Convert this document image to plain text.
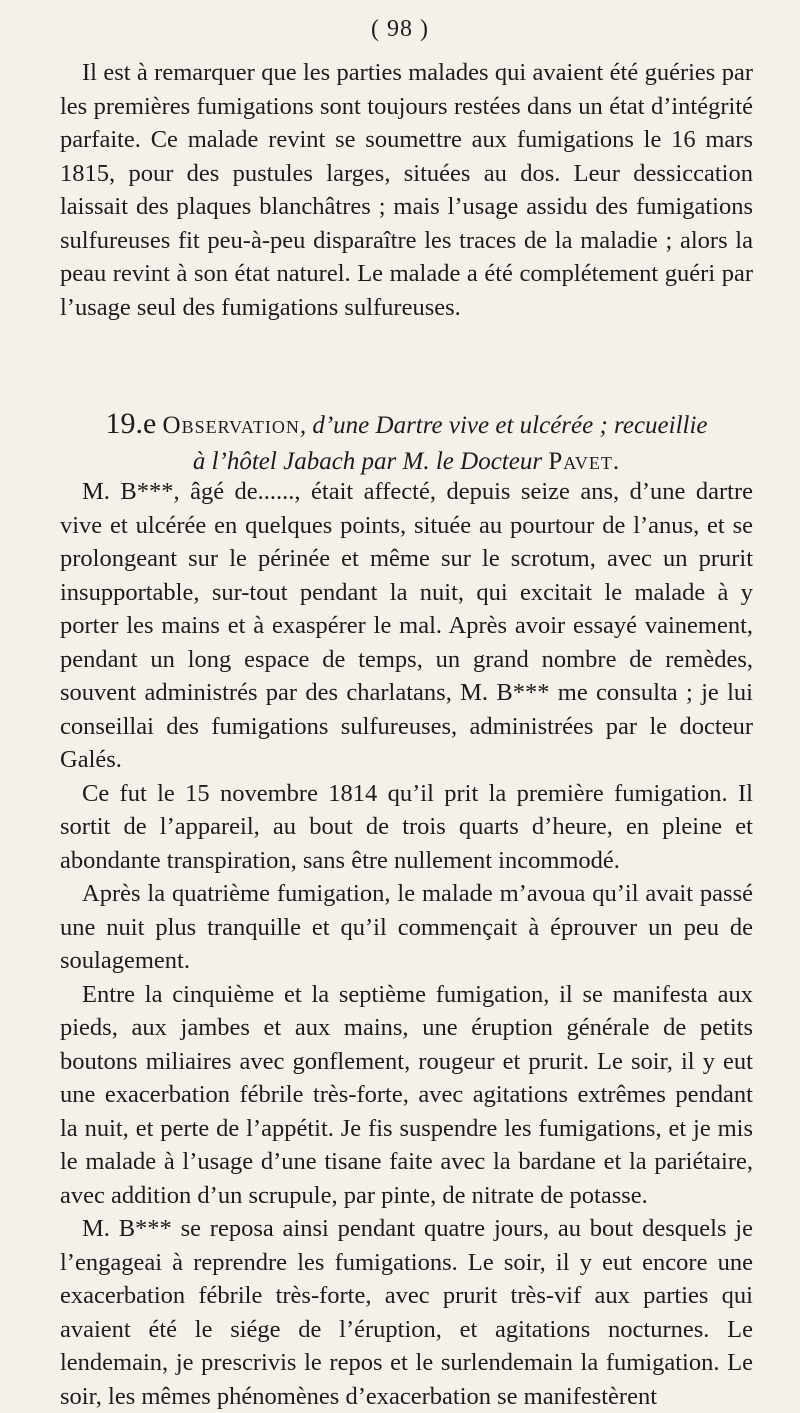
( 98 )

Il est à remarquer que les parties malades qui avaient été guéries par les premières fumigations sont toujours restées dans un état d’intégrité parfaite. Ce malade revint se soumettre aux fumigations le 16 mars 1815, pour des pustules larges, situées au dos. Leur dessiccation laissait des plaques blanchâtres ; mais l’usage assidu des fumigations sulfureuses fit peu-à-peu disparaître les traces de la maladie ; alors la peau revint à son état naturel. Le malade a été complétement guéri par l’usage seul des fumigations sulfureuses.

19.e Observation, d’une Dartre vive et ulcérée ; recueillie
à l’hôtel Jabach par M. le Docteur Pavet.

M. B***, âgé de......, était affecté, depuis seize ans, d’une dartre vive et ulcérée en quelques points, située au pourtour de l’anus, et se prolongeant sur le périnée et même sur le scrotum, avec un prurit insupportable, sur-tout pendant la nuit, qui excitait le malade à y porter les mains et à exaspérer le mal. Après avoir essayé vainement, pendant un long espace de temps, un grand nombre de remèdes, souvent administrés par des charlatans, M. B*** me consulta ; je lui conseillai des fumigations sulfureuses, administrées par le docteur Galés.

Ce fut le 15 novembre 1814 qu’il prit la première fumigation. Il sortit de l’appareil, au bout de trois quarts d’heure, en pleine et abondante transpiration, sans être nullement incommodé.

Après la quatrième fumigation, le malade m’avoua qu’il avait passé une nuit plus tranquille et qu’il commençait à éprouver un peu de soulagement.

Entre la cinquième et la septième fumigation, il se manifesta aux pieds, aux jambes et aux mains, une éruption générale de petits boutons miliaires avec gonflement, rougeur et prurit. Le soir, il y eut une exacerbation fébrile très-forte, avec agitations extrêmes pendant la nuit, et perte de l’appétit. Je fis suspendre les fumigations, et je mis le malade à l’usage d’une tisane faite avec la bardane et la pariétaire, avec addition d’un scrupule, par pinte, de nitrate de potasse.

M. B*** se reposa ainsi pendant quatre jours, au bout desquels je l’engageai à reprendre les fumigations. Le soir, il y eut encore une exacerbation fébrile très-forte, avec prurit très-vif aux parties qui avaient été le siége de l’éruption, et agitations nocturnes. Le lendemain, je prescrivis le repos et le surlendemain la fumigation. Le soir, les mêmes phénomènes d’exacerbation se manifestèrent
